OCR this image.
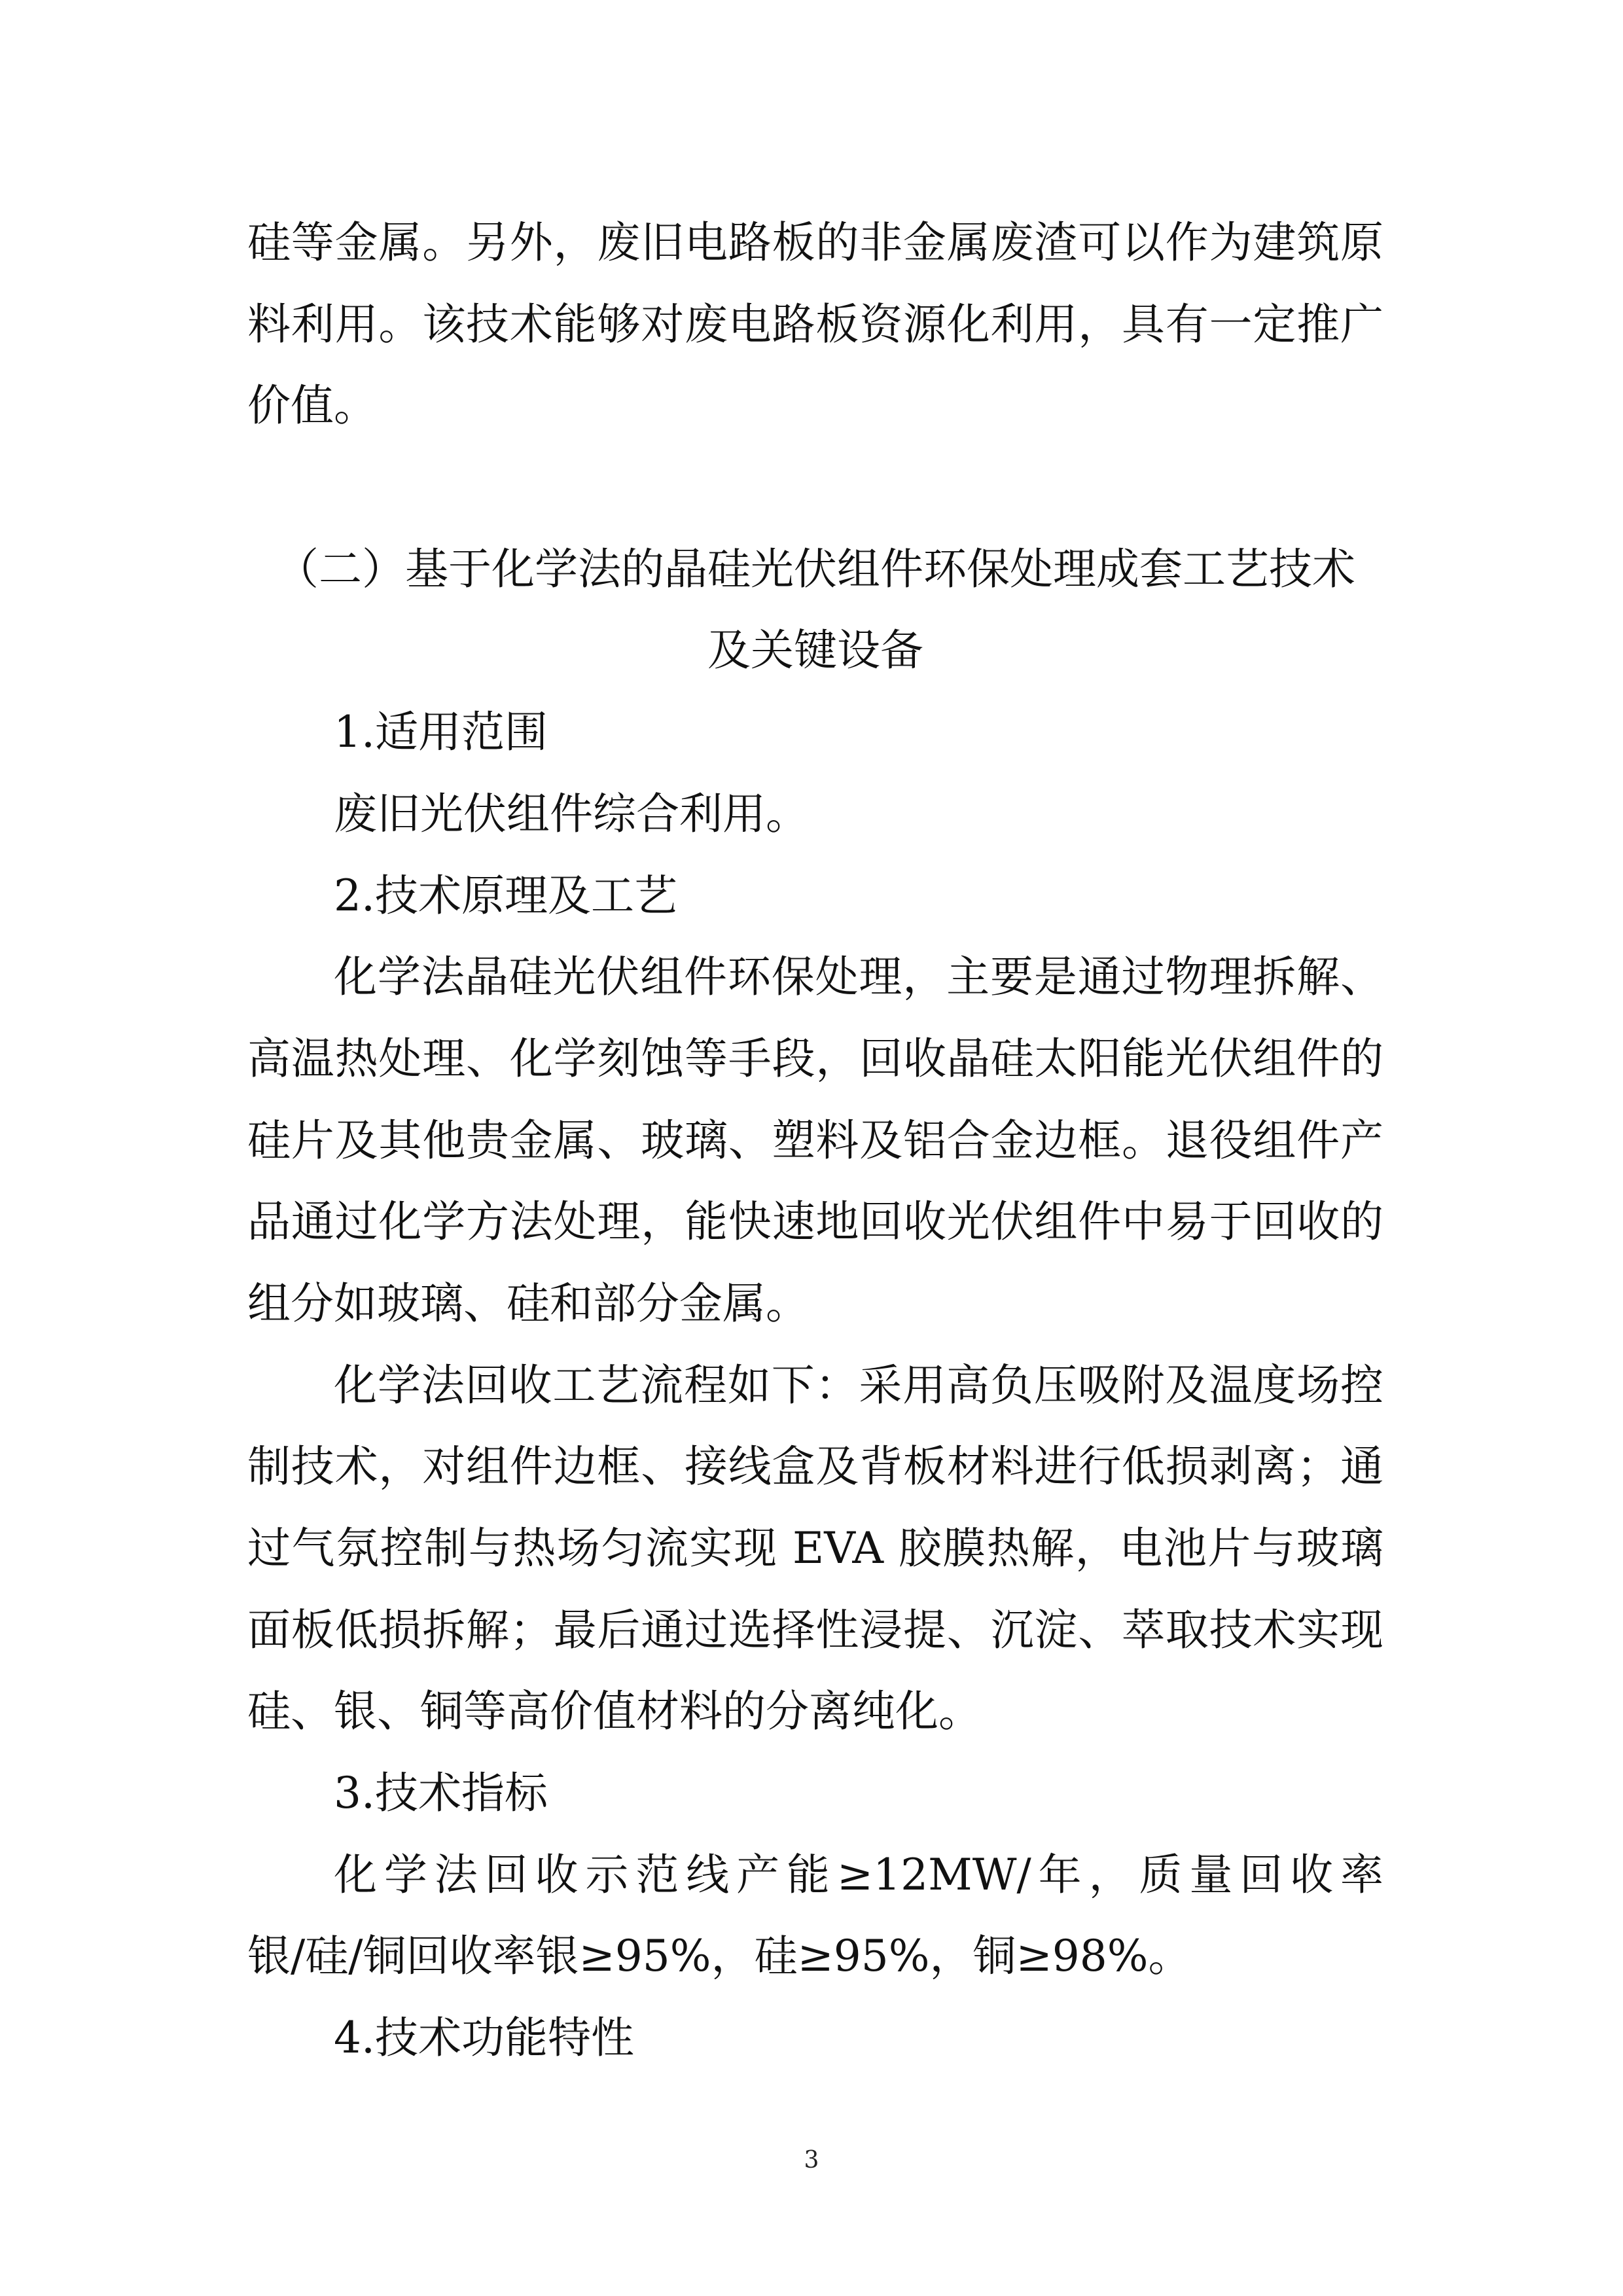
硅等金属。另外，废旧电路板的非金属废渣可以作为建筑原
料利用。该技术能够对废电路板资源化利用，具有一定推广
价值。
（二）基于化学法的晶硅光伏组件环保处理成套工艺技术
及关键设备
1.适用范围
废旧光伏组件综合利用。
2.技术原理及工艺
化学法晶硅光伏组件环保处理，主要是通过物理拆解、
高温热处理、化学刻蚀等手段，回收晶硅太阳能光伏组件的
硅片及其他贵金属、玻璃、塑料及铝合金边框。退役组件产
品通过化学方法处理，能快速地回收光伏组件中易于回收的
组分如玻璃、硅和部分金属。
化学法回收工艺流程如下：采用高负压吸附及温度场控
制技术，对组件边框、接线盒及背板材料进行低损剥离；通
过气氛控制与热场匀流实现 EVA 胶膜热解，电池片与玻璃
面板低损拆解；最后通过选择性浸提、沉淀、萃取技术实现
硅、银、铜等高价值材料的分离纯化。
3.技术指标
化学法回收示范线产能≥12MW/年，质量回收率
银/硅/铜回收率银≥95%，硅≥95%，铜≥98%。
4.技术功能特性
3
